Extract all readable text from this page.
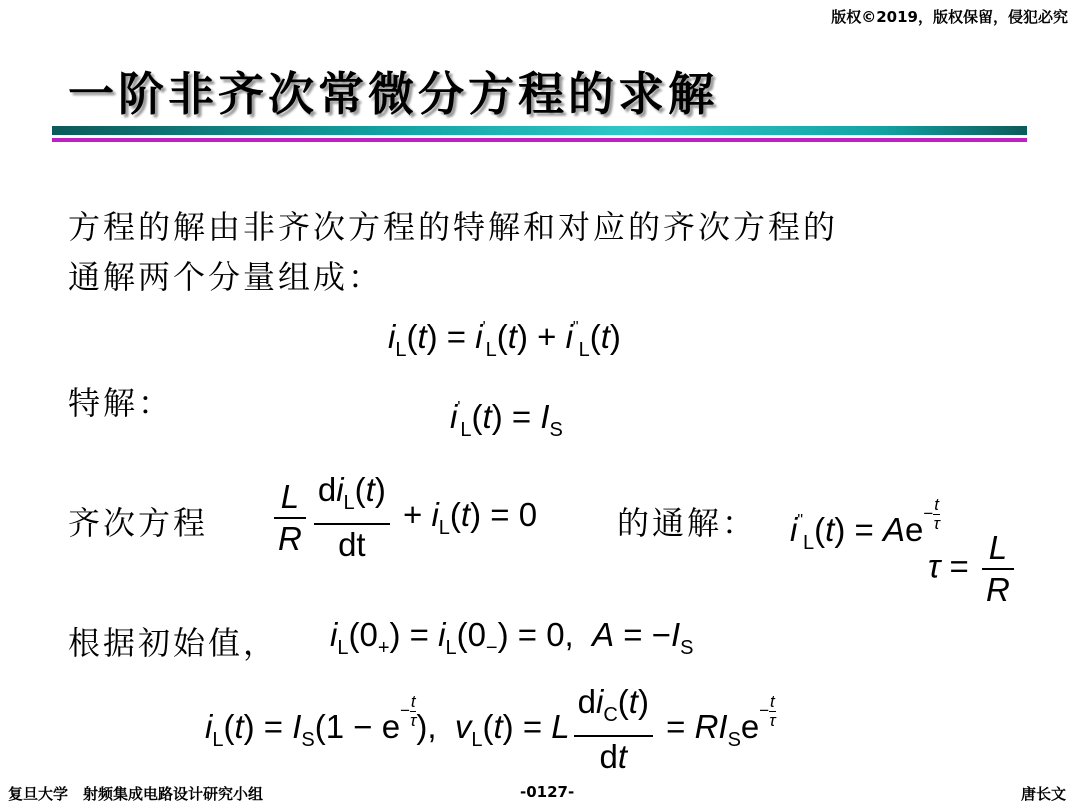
版权©2019，版权保留，侵犯必究
一阶非齐次常微分方程的求解
方程的解由非齐次方程的特解和对应的齐次方程的
通解两个分量组成：
$i_L(t) = i'_L(t) + i^"_L(t)$
特解：	$i'_L(t) = I_S$
齐次方程 $\frac{L}{R} \frac{di_L(t)}{dt} + i_L(t) = 0$ 的通解： $i^"_L(t) = Ae- \frac{t}{\tau}$
$\tau = \frac{L}{R}$
根据初始值， $i_L(0_+) = i_L(0_-) = 0$,  $A = -I_S$
$i_L(t) = I_S(1 - e- \frac{t}{\tau}$ ),  $v_L(t) = L \frac{di_C(t)}{dt} = RI_Se- \frac{t}{\tau}$
复旦大学　射频集成电路设计研究小组	-0127-	唐长文
